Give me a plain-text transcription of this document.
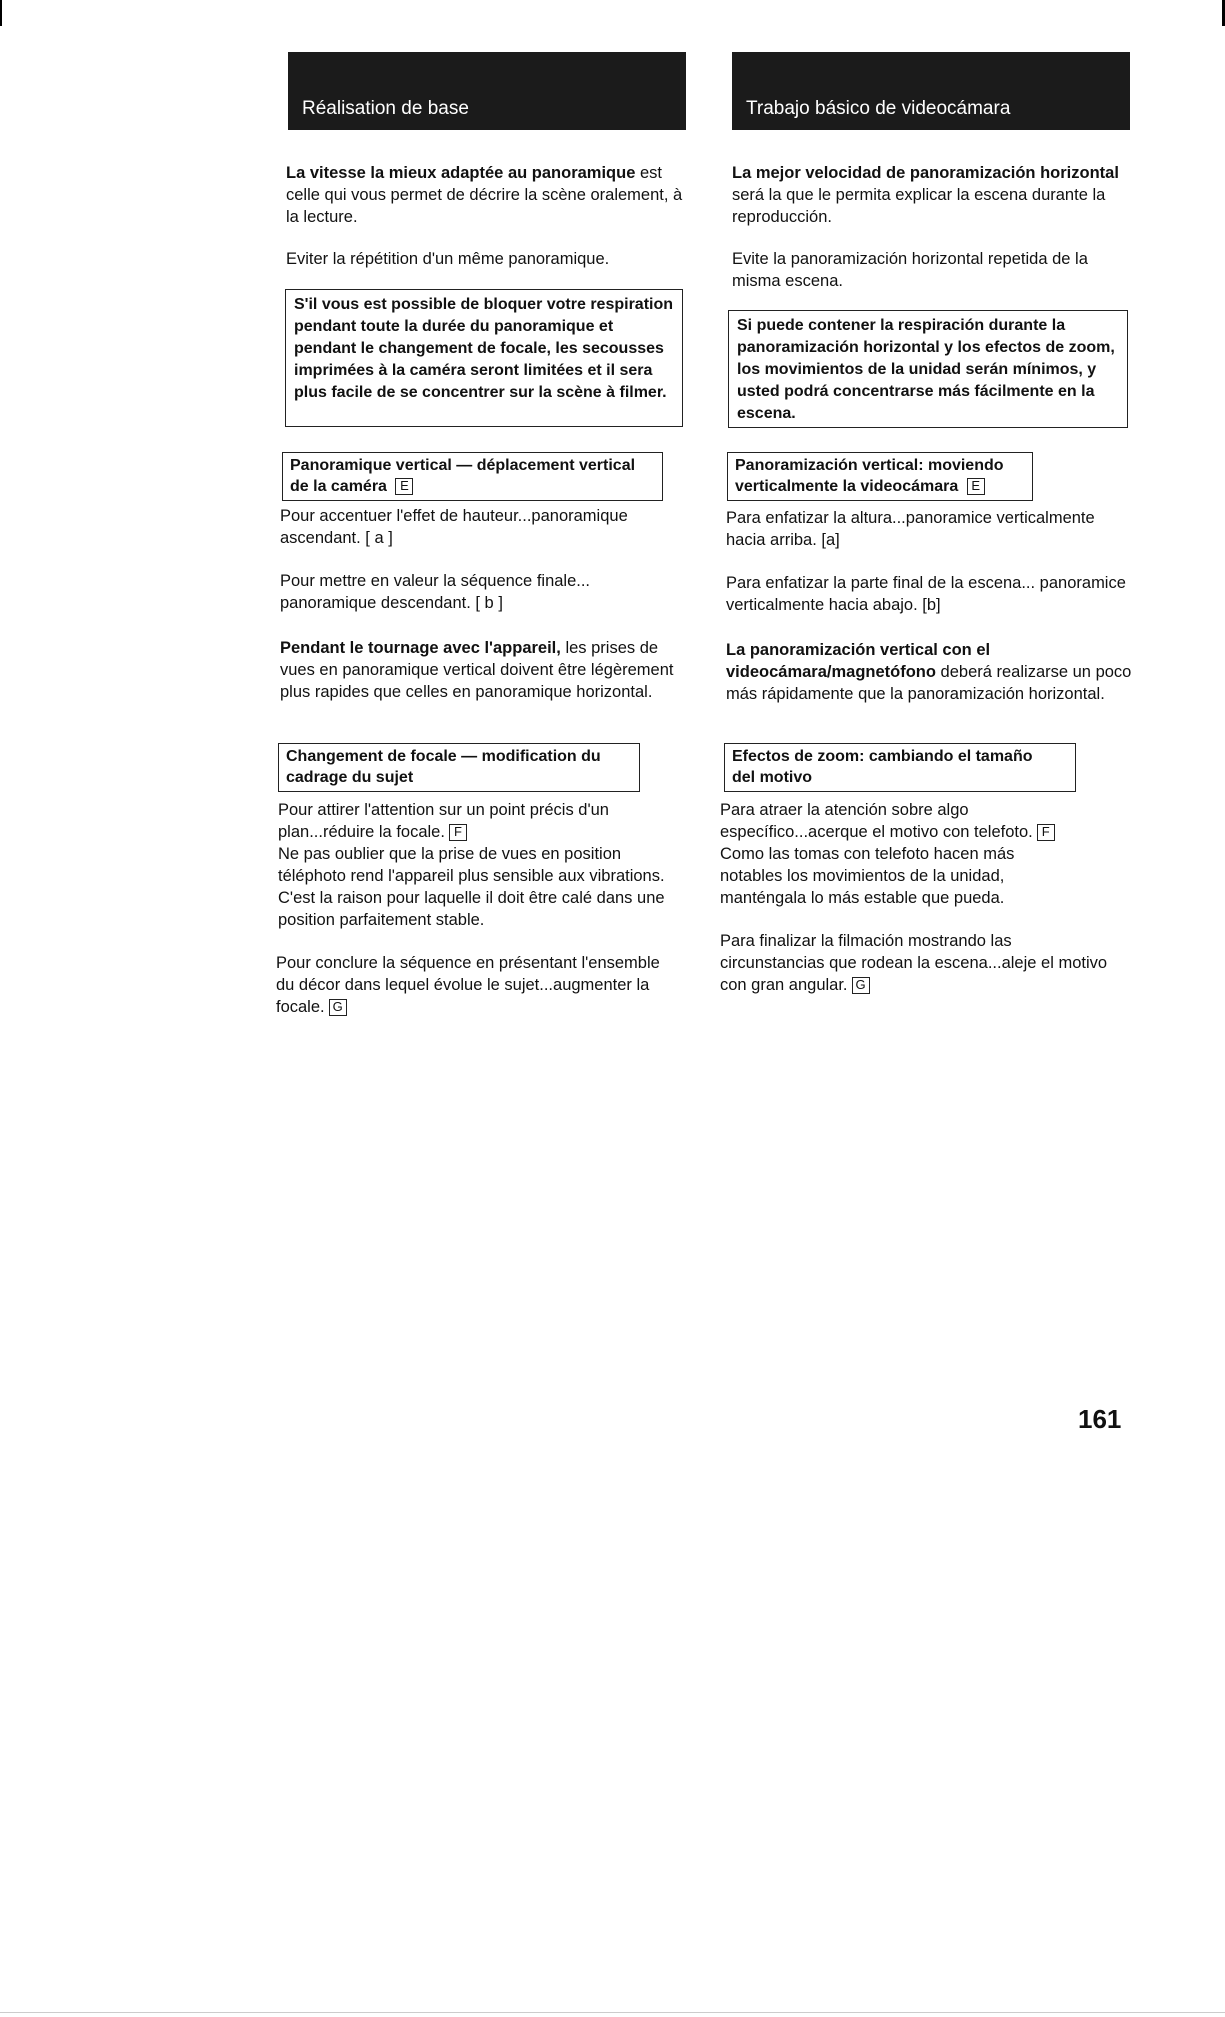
Réalisation de base
La vitesse la mieux adaptée au panoramique est celle qui vous permet de décrire la scène oralement, à la lecture.
Eviter la répétition d'un même panoramique.
S'il vous est possible de bloquer votre respiration pendant toute la durée du panoramique et pendant le changement de focale, les secousses imprimées à la caméra seront limitées et il sera plus facile de se concentrer sur la scène à filmer.
Panoramique vertical — déplacement vertical
de la caméra E
Pour accentuer l'effet de hauteur...panoramique ascendant. [ a ]
Pour mettre en valeur la séquence finale... panoramique descendant. [ b ]
Pendant le tournage avec l'appareil, les prises de vues en panoramique vertical doivent être légèrement plus rapides que celles en panoramique horizontal.
Changement de focale — modification du
cadrage du sujet
Pour attirer l'attention sur un point précis d'un plan...réduire la focale. F
Ne pas oublier que la prise de vues en position téléphoto rend l'appareil plus sensible aux vibrations. C'est la raison pour laquelle il doit être calé dans une position parfaitement stable.
Pour conclure la séquence en présentant l'ensemble du décor dans lequel évolue le sujet...augmenter la focale. G
Trabajo básico de videocámara
La mejor velocidad de panoramización horizontal será la que le permita explicar la escena durante la reproducción.
Evite la panoramización horizontal repetida de la misma escena.
Si puede contener la respiración durante la panoramización horizontal y los efectos de zoom, los movimientos de la unidad serán mínimos, y usted podrá concentrarse más fácilmente en la escena.
Panoramización vertical: moviendo
verticalmente la videocámara E
Para enfatizar la altura...panoramice verticalmente hacia arriba. [a]
Para enfatizar la parte final de la escena... panoramice verticalmente hacia abajo. [b]
La panoramización vertical con el videocámara/magnetófono deberá realizarse un poco más rápidamente que la panoramización horizontal.
Efectos de zoom: cambiando el tamaño
del motivo
Para atraer la atención sobre algo específico...acerque el motivo con telefoto. F
Como las tomas con telefoto hacen más notables los movimientos de la unidad, manténgala lo más estable que pueda.
Para finalizar la filmación mostrando las circunstancias que rodean la escena...aleje el motivo con gran angular. G
161
